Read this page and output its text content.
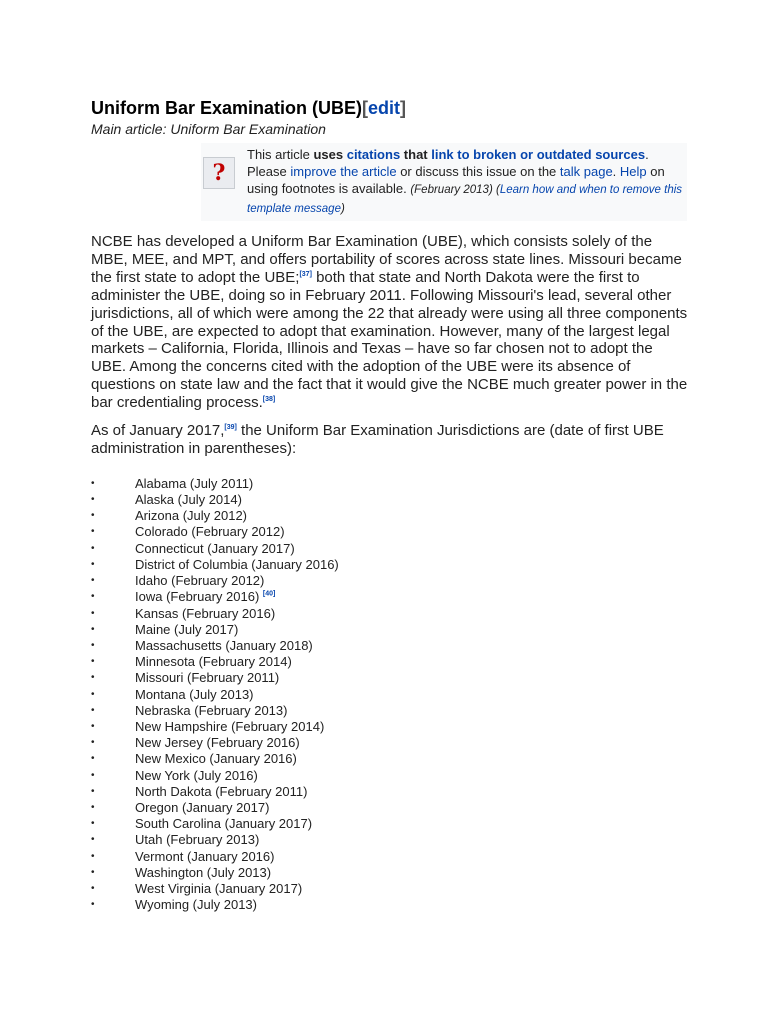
Uniform Bar Examination (UBE)[edit]
Main article: Uniform Bar Examination
?
This article uses citations that link to broken or outdated sources. Please improve the article or discuss this issue on the talk page. Help on using footnotes is available. (February 2013) (Learn how and when to remove this template message)

NCBE has developed a Uniform Bar Examination (UBE), which consists solely of the MBE, MEE, and MPT, and offers portability of scores across state lines. Missouri became the first state to adopt the UBE;[37] both that state and North Dakota were the first to administer the UBE, doing so in February 2011. Following Missouri's lead, several other jurisdictions, all of which were among the 22 that already were using all three components of the UBE, are expected to adopt that examination. However, many of the largest legal markets – California, Florida, Illinois and Texas – have so far chosen not to adopt the UBE. Among the concerns cited with the adoption of the UBE were its absence of questions on state law and the fact that it would give the NCBE much greater power in the bar credentialing process.[38]

As of January 2017,[39] the Uniform Bar Examination Jurisdictions are (date of first UBE administration in parentheses):

•	Alabama (July 2011)
•	Alaska (July 2014)
•	Arizona (July 2012)
•	Colorado (February 2012)
•	Connecticut (January 2017)
•	District of Columbia (January 2016)
•	Idaho (February 2012)
•	Iowa (February 2016) [40]
•	Kansas (February 2016)
•	Maine (July 2017)
•	Massachusetts (January 2018)
•	Minnesota (February 2014)
•	Missouri (February 2011)
•	Montana (July 2013)
•	Nebraska (February 2013)
•	New Hampshire (February 2014)
•	New Jersey (February 2016)
•	New Mexico (January 2016)
•	New York (July 2016)
•	North Dakota (February 2011)
•	Oregon (January 2017)
•	South Carolina (January 2017)
•	Utah (February 2013)
•	Vermont (January 2016)
•	Washington (July 2013)
•	West Virginia (January 2017)
•	Wyoming (July 2013)
